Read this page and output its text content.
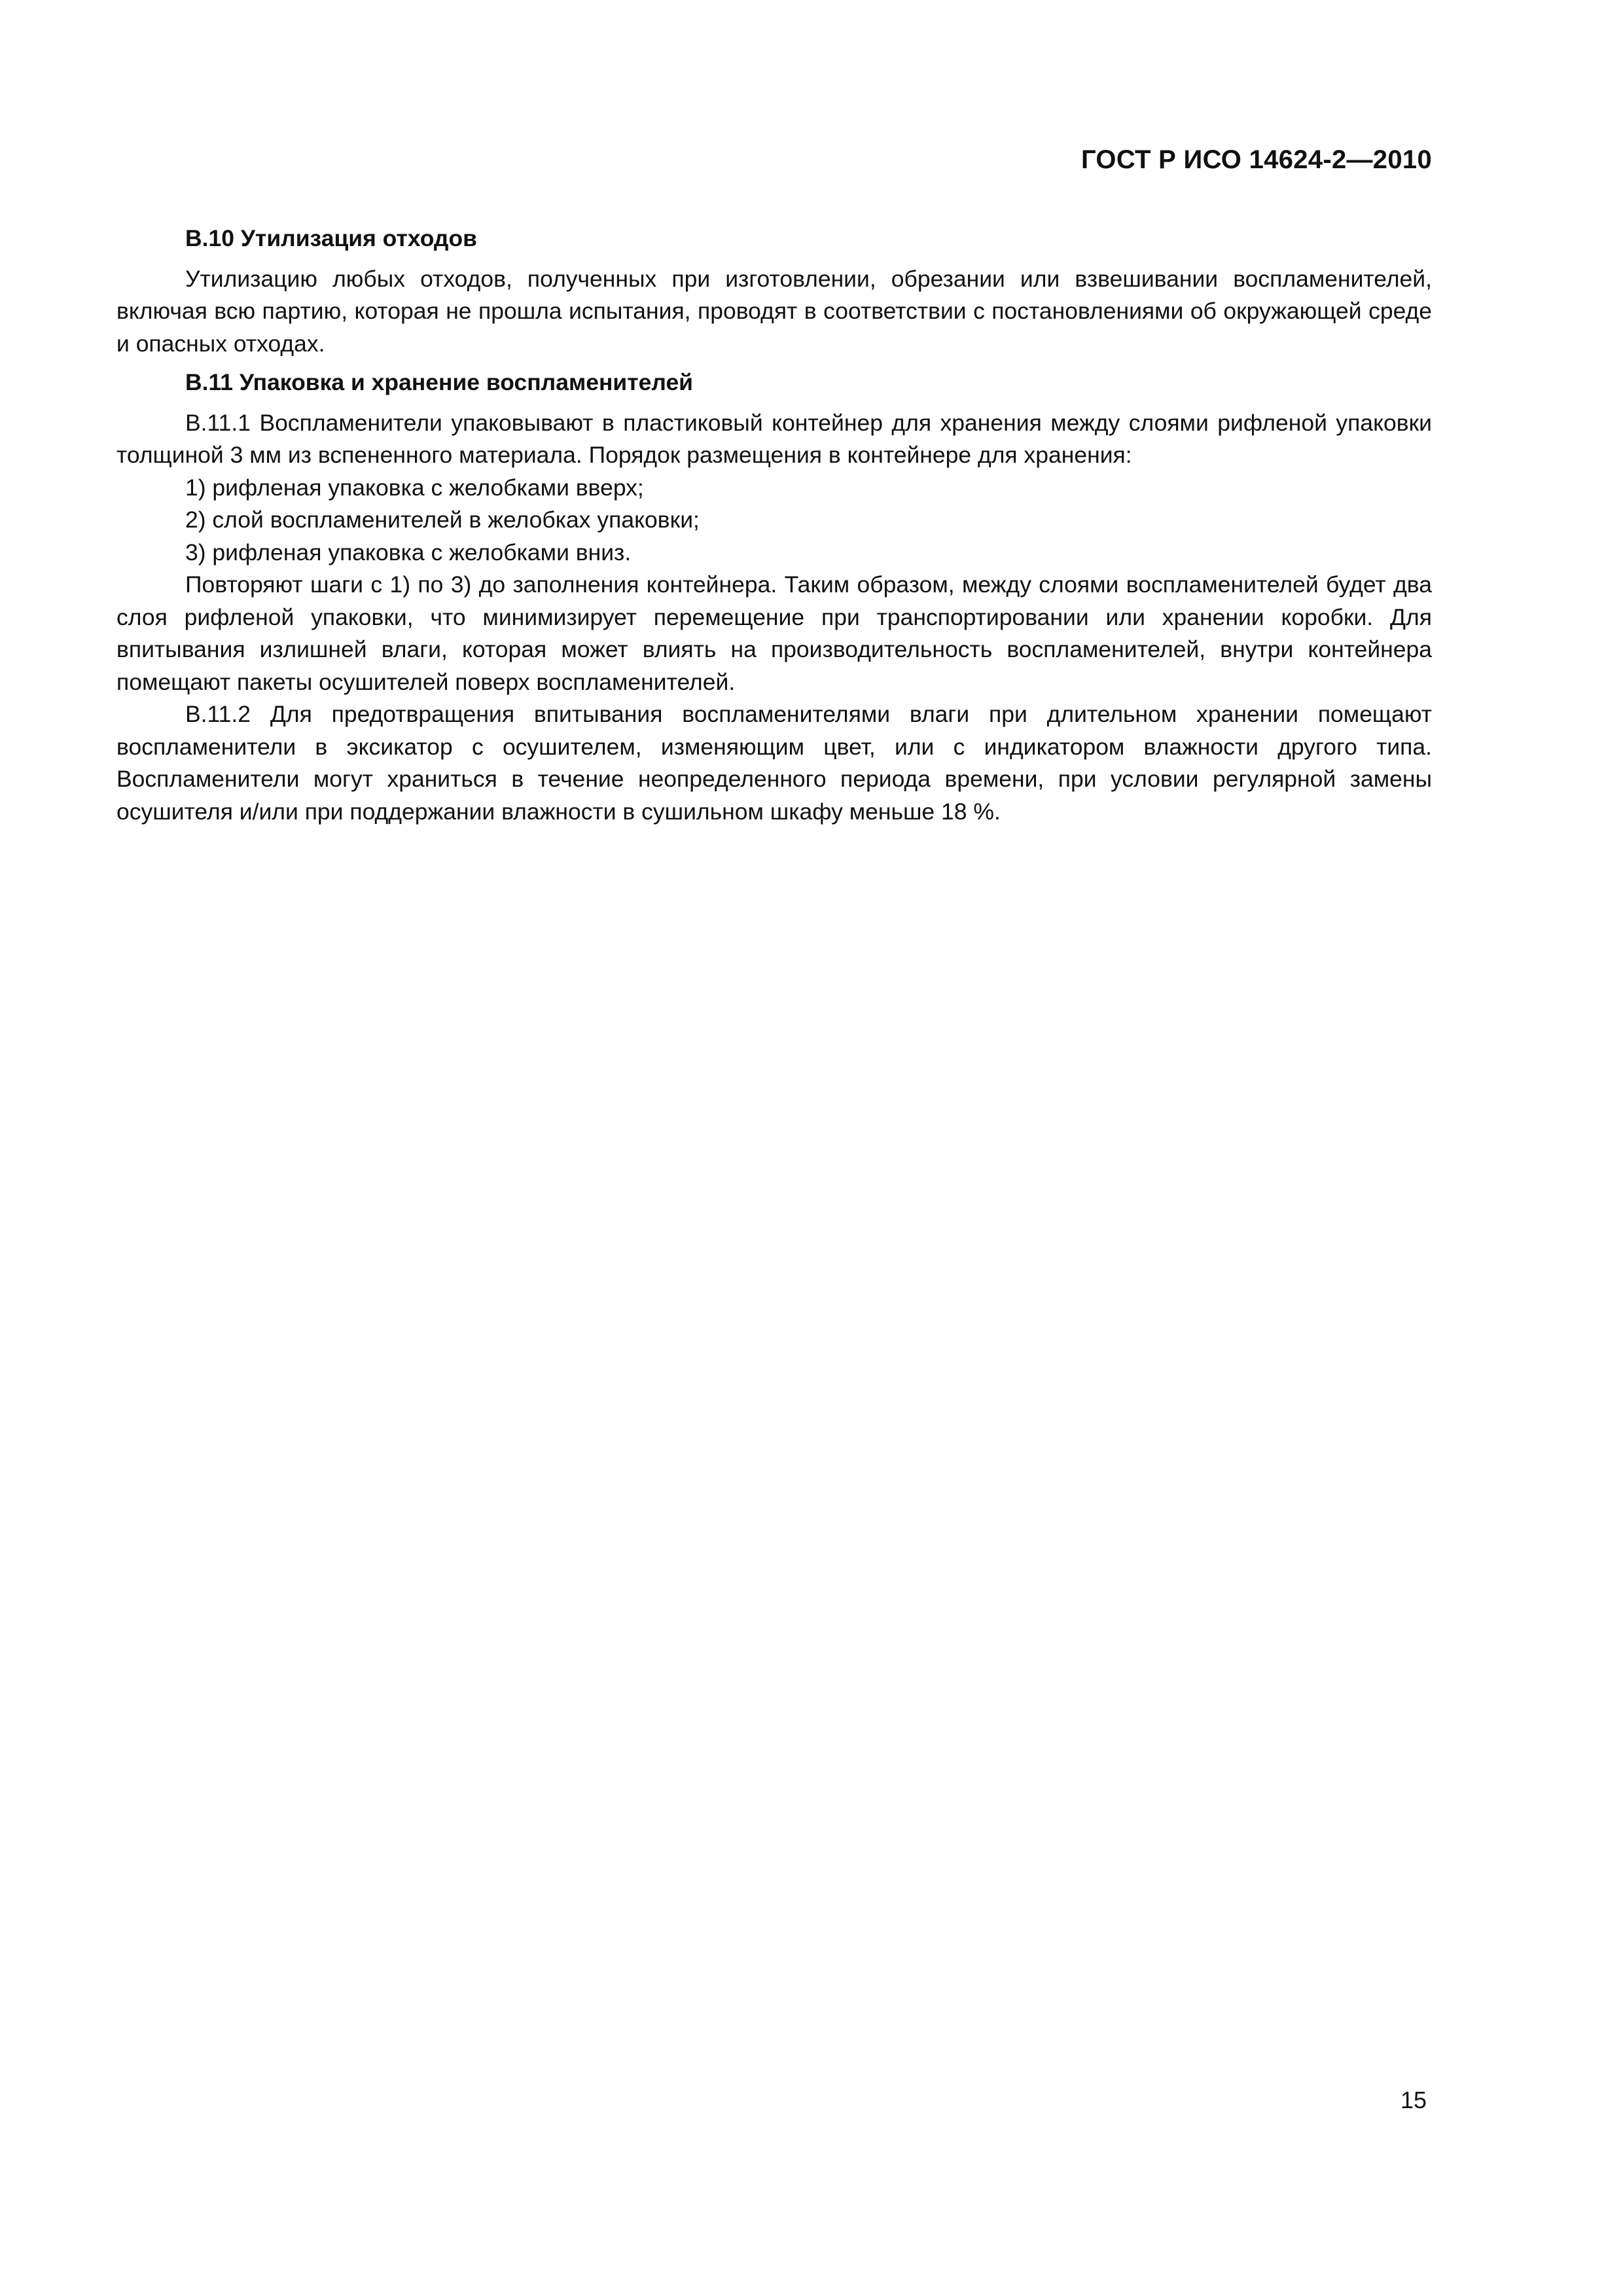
ГОСТ Р ИСО 14624-2—2010

В.10 Утилизация отходов

Утилизацию любых отходов, полученных при изготовлении, обрезании или взвешивании воспламенителей, включая всю партию, которая не прошла испытания, проводят в соответствии с постановлениями об окружающей среде и опасных отходах.

В.11 Упаковка и хранение воспламенителей

В.11.1 Воспламенители упаковывают в пластиковый контейнер для хранения между слоями рифленой упаковки толщиной 3 мм из вспененного материала. Порядок размещения в контейнере для хранения:

1) рифленая упаковка с желобками вверх;

2) слой воспламенителей в желобках упаковки;

3) рифленая упаковка с желобками вниз.

Повторяют шаги с 1) по 3) до заполнения контейнера. Таким образом, между слоями воспламенителей будет два слоя рифленой упаковки, что минимизирует перемещение при транспортировании или хранении коробки. Для впитывания излишней влаги, которая может влиять на производительность воспламенителей, внутри контейнера помещают пакеты осушителей поверх воспламенителей.

В.11.2 Для предотвращения впитывания воспламенителями влаги при длительном хранении помещают воспламенители в эксикатор с осушителем, изменяющим цвет, или с индикатором влажности другого типа. Воспламенители могут храниться в течение неопределенного периода времени, при условии регулярной замены осушителя и/или при поддержании влажности в сушильном шкафу меньше 18 %.

15
